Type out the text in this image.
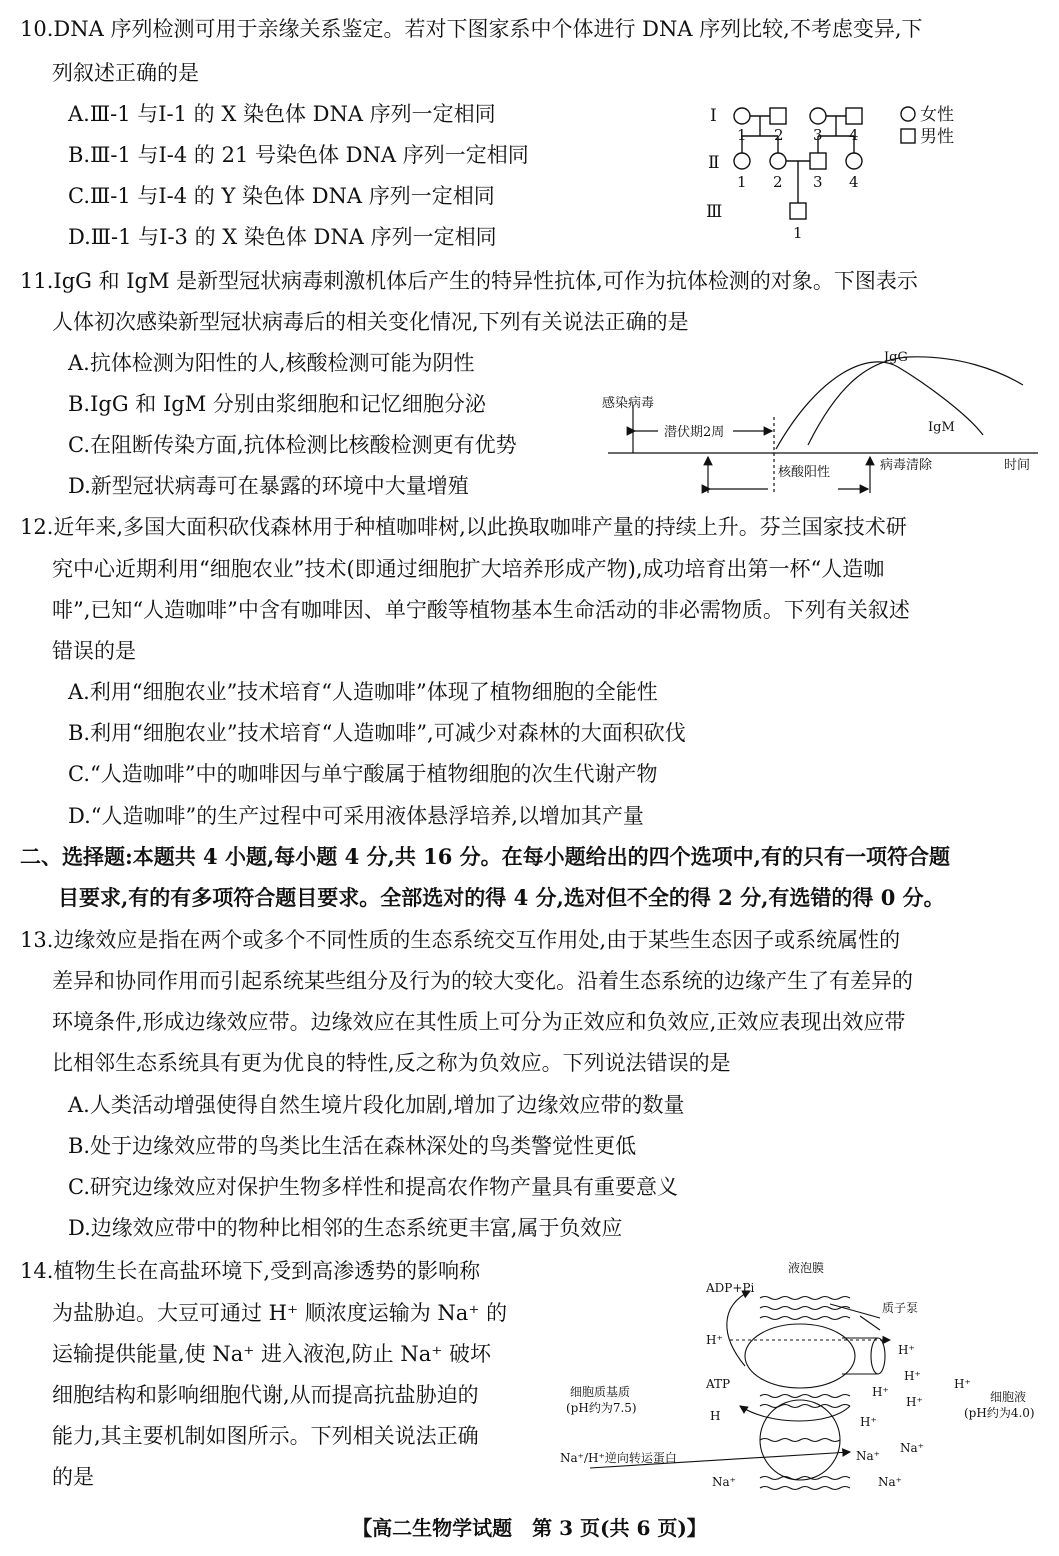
10.DNA 序列检测可用于亲缘关系鉴定。若对下图家系中个体进行 DNA 序列比较,不考虑变异,下
列叙述正确的是
A.Ⅲ-1 与Ⅰ-1 的 X 染色体 DNA 序列一定相同
B.Ⅲ-1 与Ⅰ-4 的 21 号染色体 DNA 序列一定相同
C.Ⅲ-1 与Ⅰ-4 的 Y 染色体 DNA 序列一定相同
D.Ⅲ-1 与Ⅰ-3 的 X 染色体 DNA 序列一定相同
Ⅰ
Ⅱ
Ⅲ
1 2 3 4
1 2 3 4
1
女性
男性
11.IgG 和 IgM 是新型冠状病毒刺激机体后产生的特异性抗体,可作为抗体检测的对象。下图表示
人体初次感染新型冠状病毒后的相关变化情况,下列有关说法正确的是
A.抗体检测为阳性的人,核酸检测可能为阴性
B.IgG 和 IgM 分别由浆细胞和记忆细胞分泌
C.在阻断传染方面,抗体检测比核酸检测更有优势
D.新型冠状病毒可在暴露的环境中大量增殖
IgG
IgM
感染病毒
潜伏期2周
核酸阳性	病毒清除	时间
12.近年来,多国大面积砍伐森林用于种植咖啡树,以此换取咖啡产量的持续上升。芬兰国家技术研
究中心近期利用“细胞农业”技术(即通过细胞扩大培养形成产物),成功培育出第一杯“人造咖
啡”,已知“人造咖啡”中含有咖啡因、单宁酸等植物基本生命活动的非必需物质。下列有关叙述
错误的是
A.利用“细胞农业”技术培育“人造咖啡”体现了植物细胞的全能性
B.利用“细胞农业”技术培育“人造咖啡”,可减少对森林的大面积砍伐
C.“人造咖啡”中的咖啡因与单宁酸属于植物细胞的次生代谢产物
D.“人造咖啡”的生产过程中可采用液体悬浮培养,以增加其产量
二、选择题:本题共 4 小题,每小题 4 分,共 16 分。在每小题给出的四个选项中,有的只有一项符合题
目要求,有的有多项符合题目要求。全部选对的得 4 分,选对但不全的得 2 分,有选错的得 0 分。
13.边缘效应是指在两个或多个不同性质的生态系统交互作用处,由于某些生态因子或系统属性的
差异和协同作用而引起系统某些组分及行为的较大变化。沿着生态系统的边缘产生了有差异的
环境条件,形成边缘效应带。边缘效应在其性质上可分为正效应和负效应,正效应表现出效应带
比相邻生态系统具有更为优良的特性,反之称为负效应。下列说法错误的是
A.人类活动增强使得自然生境片段化加剧,增加了边缘效应带的数量
B.处于边缘效应带的鸟类比生活在森林深处的鸟类警觉性更低
C.研究边缘效应对保护生物多样性和提高农作物产量具有重要意义
D.边缘效应带中的物种比相邻的生态系统更丰富,属于负效应
14.植物生长在高盐环境下,受到高渗透势的影响称
为盐胁迫。大豆可通过 H⁺ 顺浓度运输为 Na⁺ 的
运输提供能量,使 Na⁺ 进入液泡,防止 Na⁺ 破坏
细胞结构和影响细胞代谢,从而提高抗盐胁迫的
能力,其主要机制如图所示。下列相关说法正确
的是
液泡膜
ADP+Pi
质子泵
H⁺
H⁺
ATP
H⁺
H⁺
H⁺
H⁺
细胞质基质
(pH约为7.5)
细胞液
(pH约为4.0)
H	H⁺
Na⁺/H⁺逆向转运蛋白
Na⁺
Na⁺
Na⁺
Na⁺
【高二生物学试题　第 3 页(共 6 页)】
